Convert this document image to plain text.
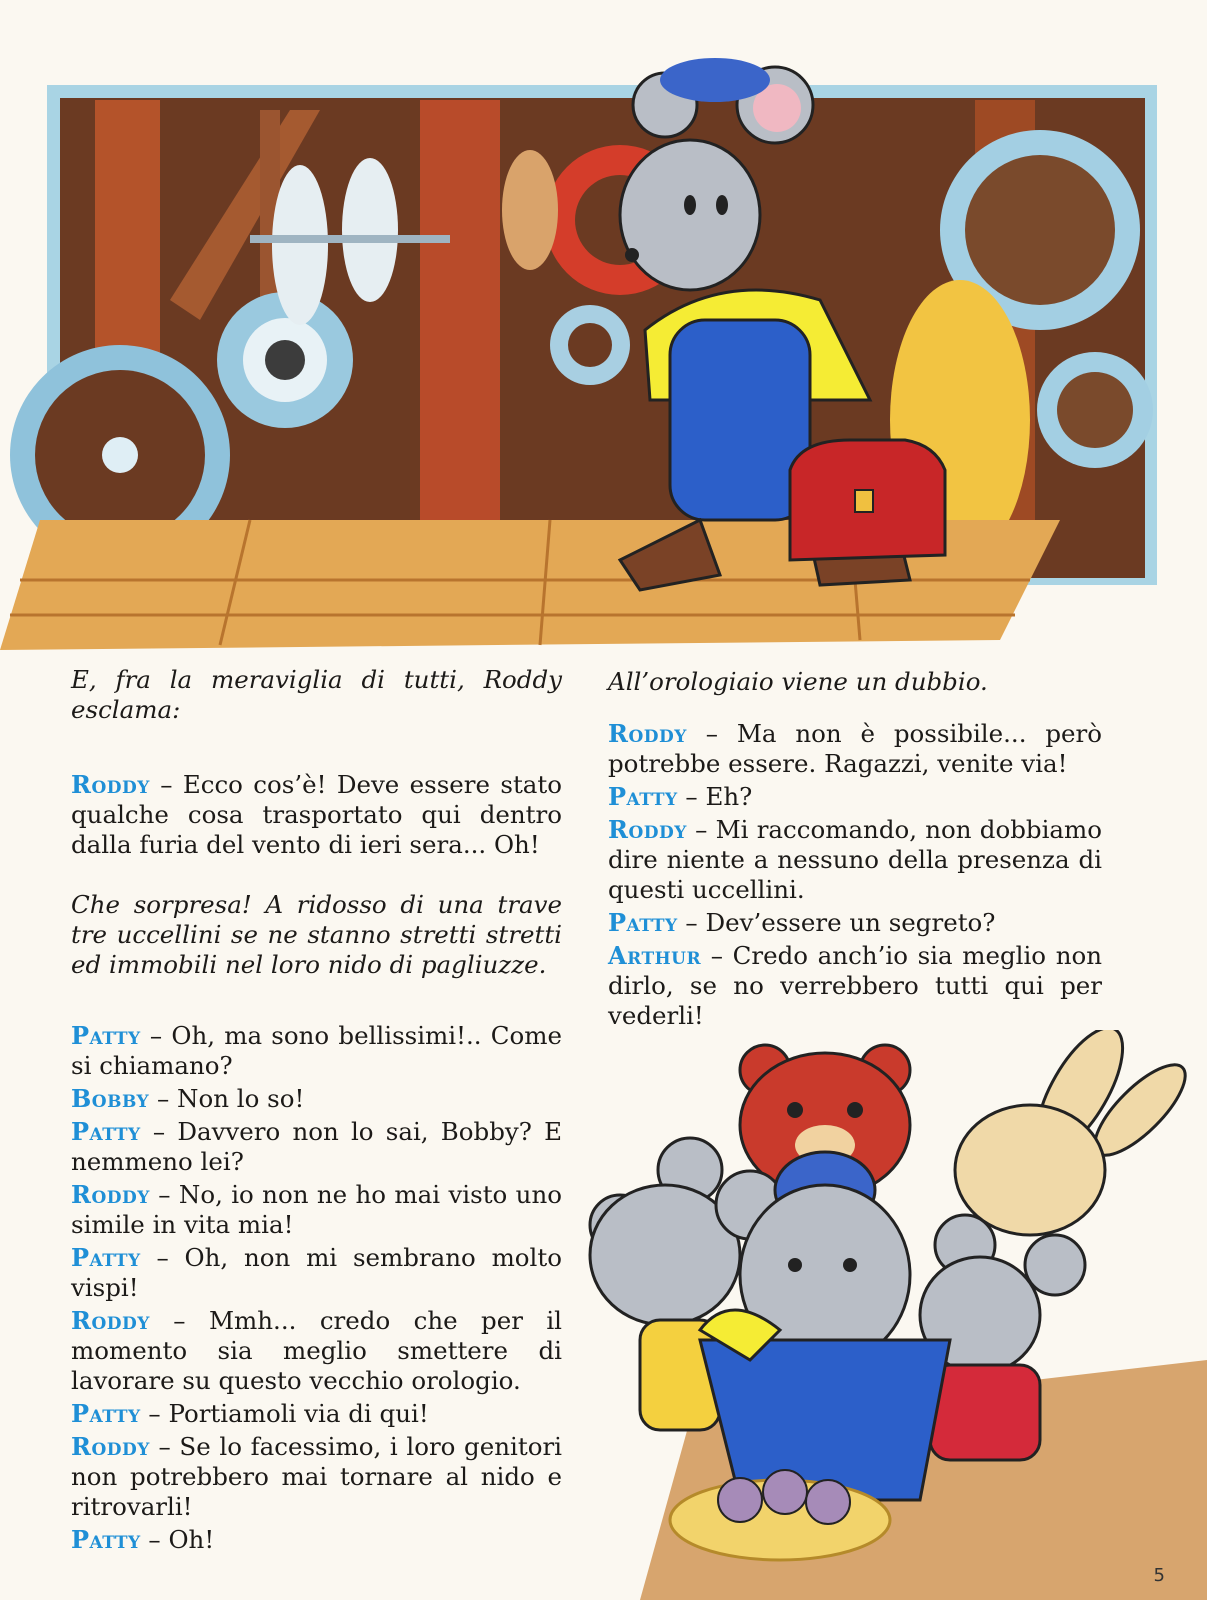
E, fra la meraviglia di tutti, Roddy esclama:

Roddy – Ecco cos’è! Deve essere stato qualche cosa trasportato qui dentro dalla furia del vento di ieri sera... Oh!

Che sorpresa! A ridosso di una trave tre uccellini se ne stanno stretti stretti ed immobili nel loro nido di pagliuzze.

Patty – Oh, ma sono bellissimi!.. Come si chiamano?

Bobby – Non lo so!

Patty – Davvero non lo sai, Bobby? E nemmeno lei?

Roddy – No, io non ne ho mai visto uno simile in vita mia!

Patty – Oh, non mi sembrano molto vispi!

Roddy – Mmh... credo che per il momento sia meglio smettere di lavorare su questo vecchio orologio.

Patty – Portiamoli via di qui!

Roddy – Se lo facessimo, i loro genitori non potrebbero mai tornare al nido e ritrovarli!

Patty – Oh!

All’orologiaio viene un dubbio.

Roddy – Ma non è possibile... però potrebbe essere. Ragazzi, venite via!

Patty – Eh?

Roddy – Mi raccomando, non dobbiamo dire niente a nessuno della presenza di questi uccellini.

Patty – Dev’essere un segreto?

Arthur – Credo anch’io sia meglio non dirlo, se no verrebbero tutti qui per vederli!

5
